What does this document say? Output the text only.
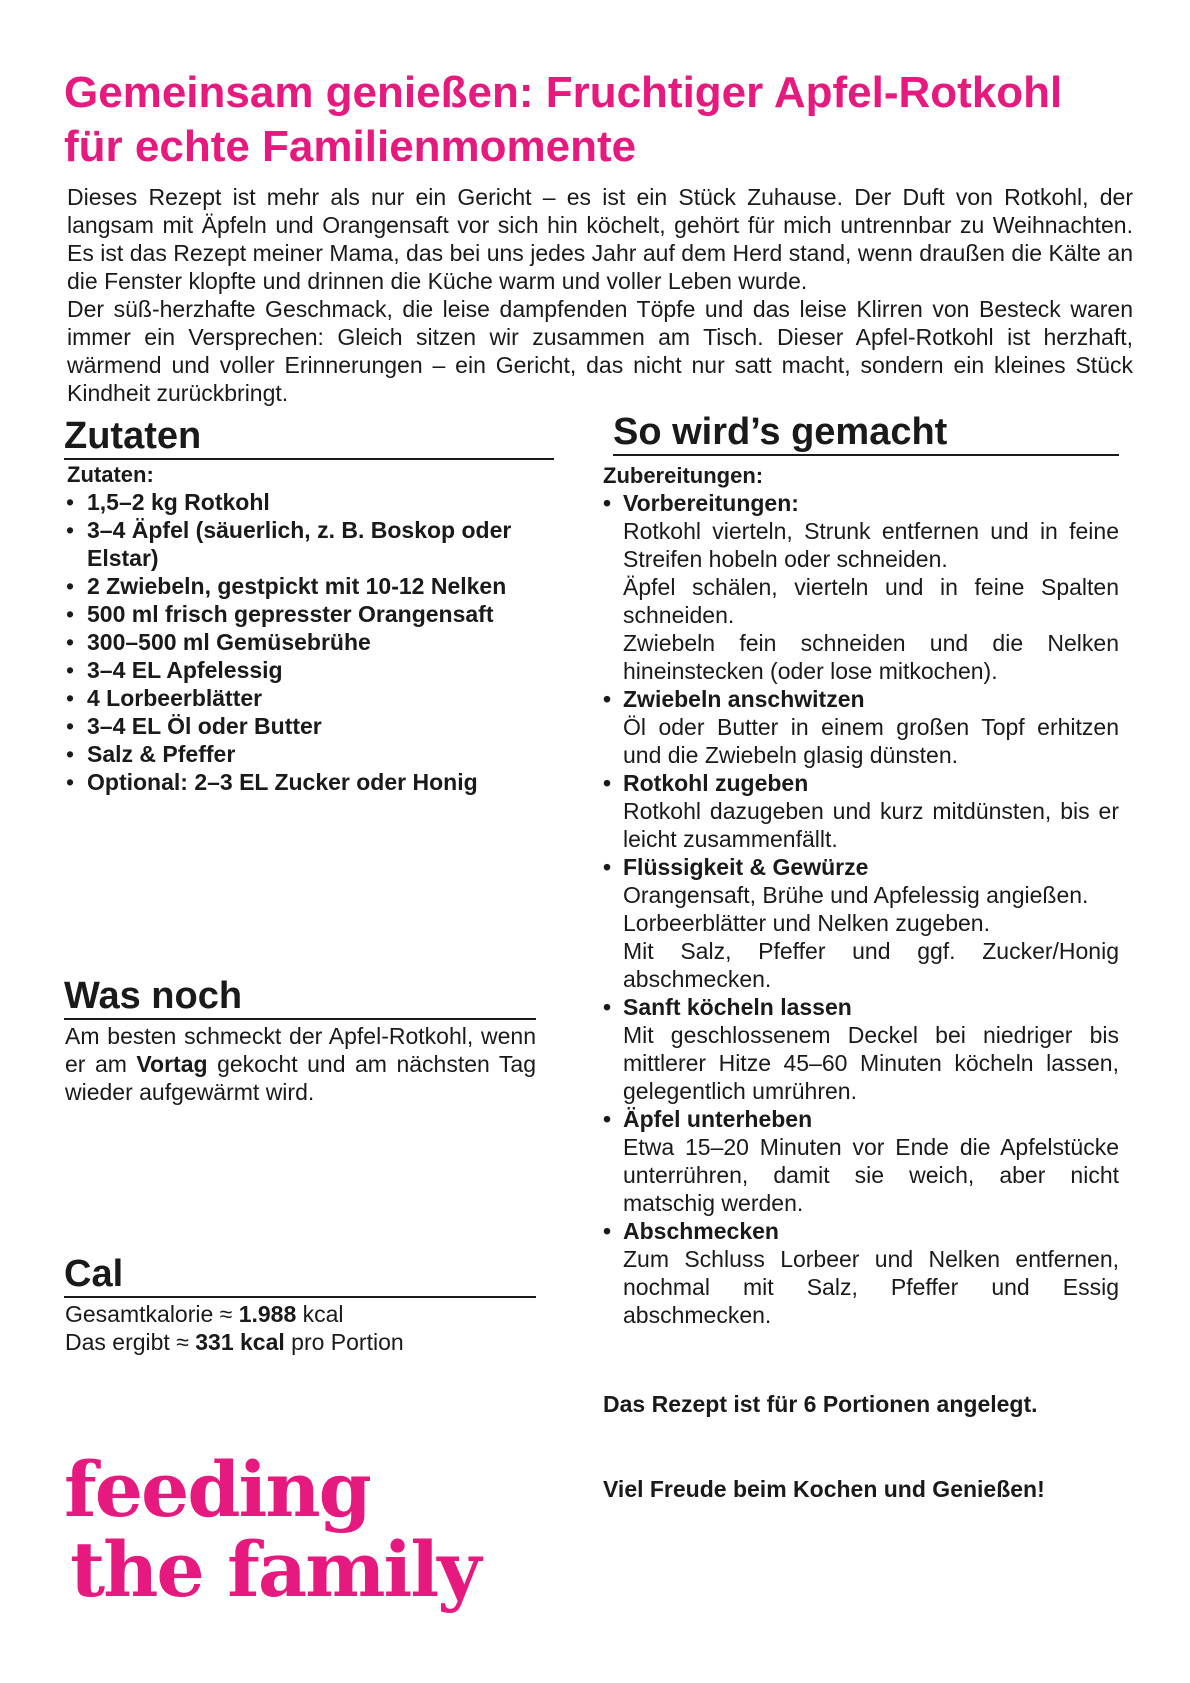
Gemeinsam genießen: Fruchtiger Apfel-Rotkohl für echte Familienmomente

Dieses Rezept ist mehr als nur ein Gericht – es ist ein Stück Zuhause. Der Duft von Rotkohl, der langsam mit Äpfeln und Orangensaft vor sich hin köchelt, gehört für mich untrennbar zu Weihnachten. Es ist das Rezept meiner Mama, das bei uns jedes Jahr auf dem Herd stand, wenn draußen die Kälte an die Fenster klopfte und drinnen die Küche warm und voller Leben wurde.

Der süß-herzhafte Geschmack, die leise dampfenden Töpfe und das leise Klirren von Besteck waren immer ein Versprechen: Gleich sitzen wir zusammen am Tisch. Dieser Apfel-Rotkohl ist herzhaft, wärmend und voller Erinnerungen – ein Gericht, das nicht nur satt macht, sondern ein kleines Stück Kindheit zurückbringt.

Zutaten
Zutaten:
• 1,5–2 kg Rotkohl
• 3–4 Äpfel (säuerlich, z. B. Boskop oder Elstar)
• 2 Zwiebeln, gestpickt mit 10-12 Nelken
• 500 ml frisch gepresster Orangensaft
• 300–500 ml Gemüsebrühe
• 3–4 EL Apfelessig
• 4 Lorbeerblätter
• 3–4 EL Öl oder Butter
• Salz & Pfeffer
• Optional: 2–3 EL Zucker oder Honig
Was noch

Am besten schmeckt der Apfel-Rotkohl, wenn er am Vortag gekocht und am nächsten Tag wieder aufgewärmt wird.

Cal

Gesamtkalorie ≈ 1.988 kcal

Das ergibt ≈ 331 kcal pro Portion

feeding
the family
So wird’s gemacht
Zubereitungen:
• Vorbereitungen:

Rotkohl vierteln, Strunk entfernen und in feine Streifen hobeln oder schneiden.

Äpfel schälen, vierteln und in feine Spalten schneiden.

Zwiebeln fein schneiden und die Nelken hineinstecken (oder lose mitkochen).

• Zwiebeln anschwitzen

Öl oder Butter in einem großen Topf erhitzen und die Zwiebeln glasig dünsten.

• Rotkohl zugeben

Rotkohl dazugeben und kurz mitdünsten, bis er leicht zusammenfällt.

• Flüssigkeit & Gewürze

Orangensaft, Brühe und Apfelessig angießen.

Lorbeerblätter und Nelken zugeben.

Mit Salz, Pfeffer und ggf. Zucker/Honig abschmecken.

• Sanft köcheln lassen

Mit geschlossenem Deckel bei niedriger bis mittlerer Hitze 45–60 Minuten köcheln lassen, gelegentlich umrühren.

• Äpfel unterheben

Etwa 15–20 Minuten vor Ende die Apfelstücke unterrühren, damit sie weich, aber nicht matschig werden.

• Abschmecken

Zum Schluss Lorbeer und Nelken entfernen, nochmal mit Salz, Pfeffer und Essig abschmecken.

Das Rezept ist für 6 Portionen angelegt.

Viel Freude beim Kochen und Genießen!
